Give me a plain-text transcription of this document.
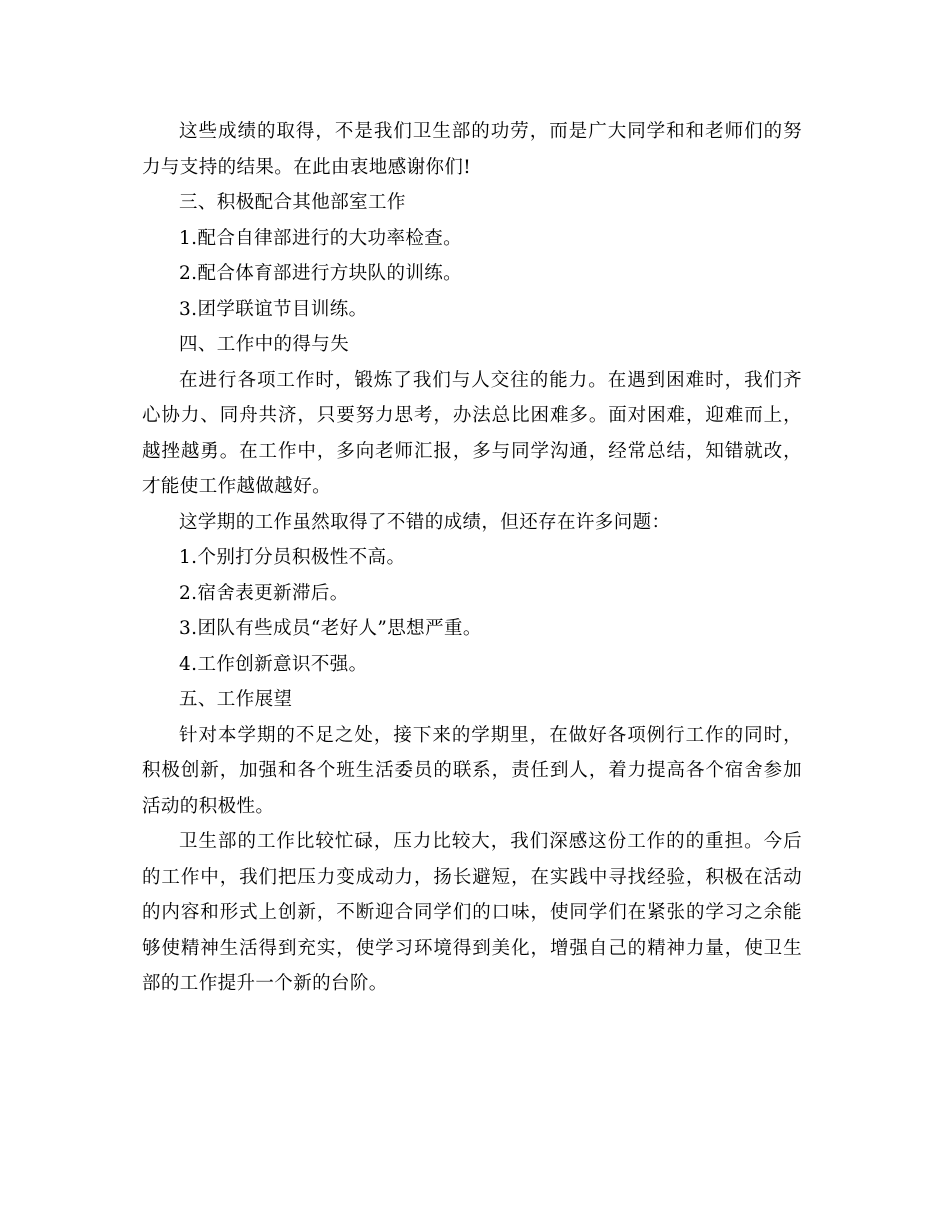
这些成绩的取得，不是我们卫生部的功劳，而是广大同学和和老师们的努力与支持的结果。在此由衷地感谢你们!

三、积极配合其他部室工作

1.配合自律部进行的大功率检查。

2.配合体育部进行方块队的训练。

3.团学联谊节目训练。

四、工作中的得与失

在进行各项工作时，锻炼了我们与人交往的能力。在遇到困难时，我们齐心协力、同舟共济，只要努力思考，办法总比困难多。面对困难，迎难而上，越挫越勇。在工作中，多向老师汇报，多与同学沟通，经常总结，知错就改，才能使工作越做越好。

这学期的工作虽然取得了不错的成绩，但还存在许多问题：

1.个别打分员积极性不高。

2.宿舍表更新滞后。

3.团队有些成员“老好人”思想严重。

4.工作创新意识不强。

五、工作展望

针对本学期的不足之处，接下来的学期里，在做好各项例行工作的同时，积极创新，加强和各个班生活委员的联系，责任到人，着力提高各个宿舍参加活动的积极性。

卫生部的工作比较忙碌，压力比较大，我们深感这份工作的的重担。今后的工作中，我们把压力变成动力，扬长避短，在实践中寻找经验，积极在活动的内容和形式上创新，不断迎合同学们的口味，使同学们在紧张的学习之余能够使精神生活得到充实，使学习环境得到美化，增强自己的精神力量，使卫生部的工作提升一个新的台阶。
